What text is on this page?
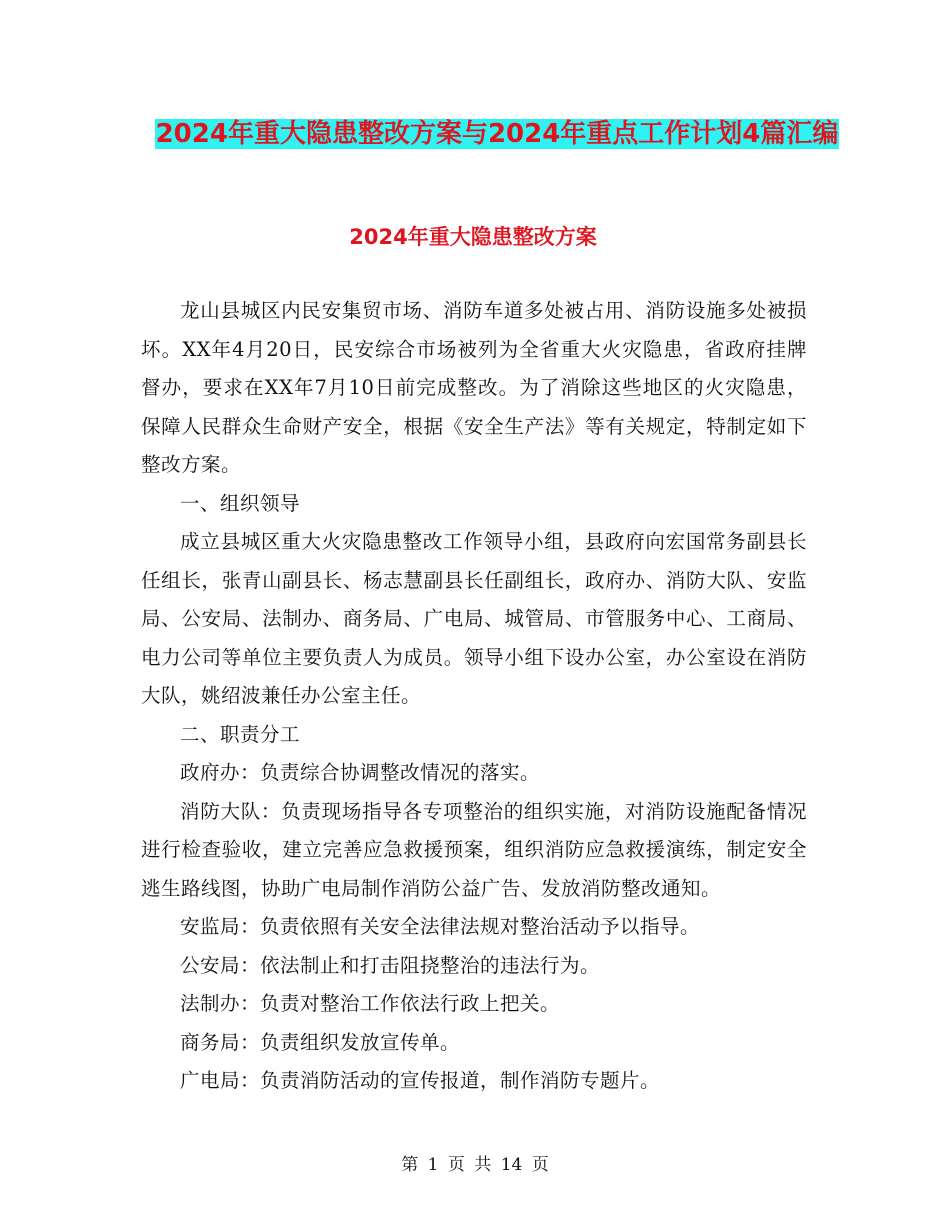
2024年重大隐患整改方案与2024年重点工作计划4篇汇编
2024年重大隐患整改方案

龙山县城区内民安集贸市场、消防车道多处被占用、消防设施多处被损坏。XX年4月20日，民安综合市场被列为全省重大火灾隐患，省政府挂牌督办，要求在XX年7月10日前完成整改。为了消除这些地区的火灾隐患，保障人民群众生命财产安全，根据《安全生产法》等有关规定，特制定如下整改方案。

一、组织领导

成立县城区重大火灾隐患整改工作领导小组，县政府向宏国常务副县长任组长，张青山副县长、杨志慧副县长任副组长，政府办、消防大队、安监局、公安局、法制办、商务局、广电局、城管局、市管服务中心、工商局、电力公司等单位主要负责人为成员。领导小组下设办公室，办公室设在消防大队，姚绍波兼任办公室主任。

二、职责分工

政府办：负责综合协调整改情况的落实。

消防大队：负责现场指导各专项整治的组织实施，对消防设施配备情况进行检查验收，建立完善应急救援预案，组织消防应急救援演练，制定安全逃生路线图，协助广电局制作消防公益广告、发放消防整改通知。

安监局：负责依照有关安全法律法规对整治活动予以指导。

公安局：依法制止和打击阻挠整治的违法行为。

法制办：负责对整治工作依法行政上把关。

商务局：负责组织发放宣传单。

广电局：负责消防活动的宣传报道，制作消防专题片。

第 1 页 共 14 页
